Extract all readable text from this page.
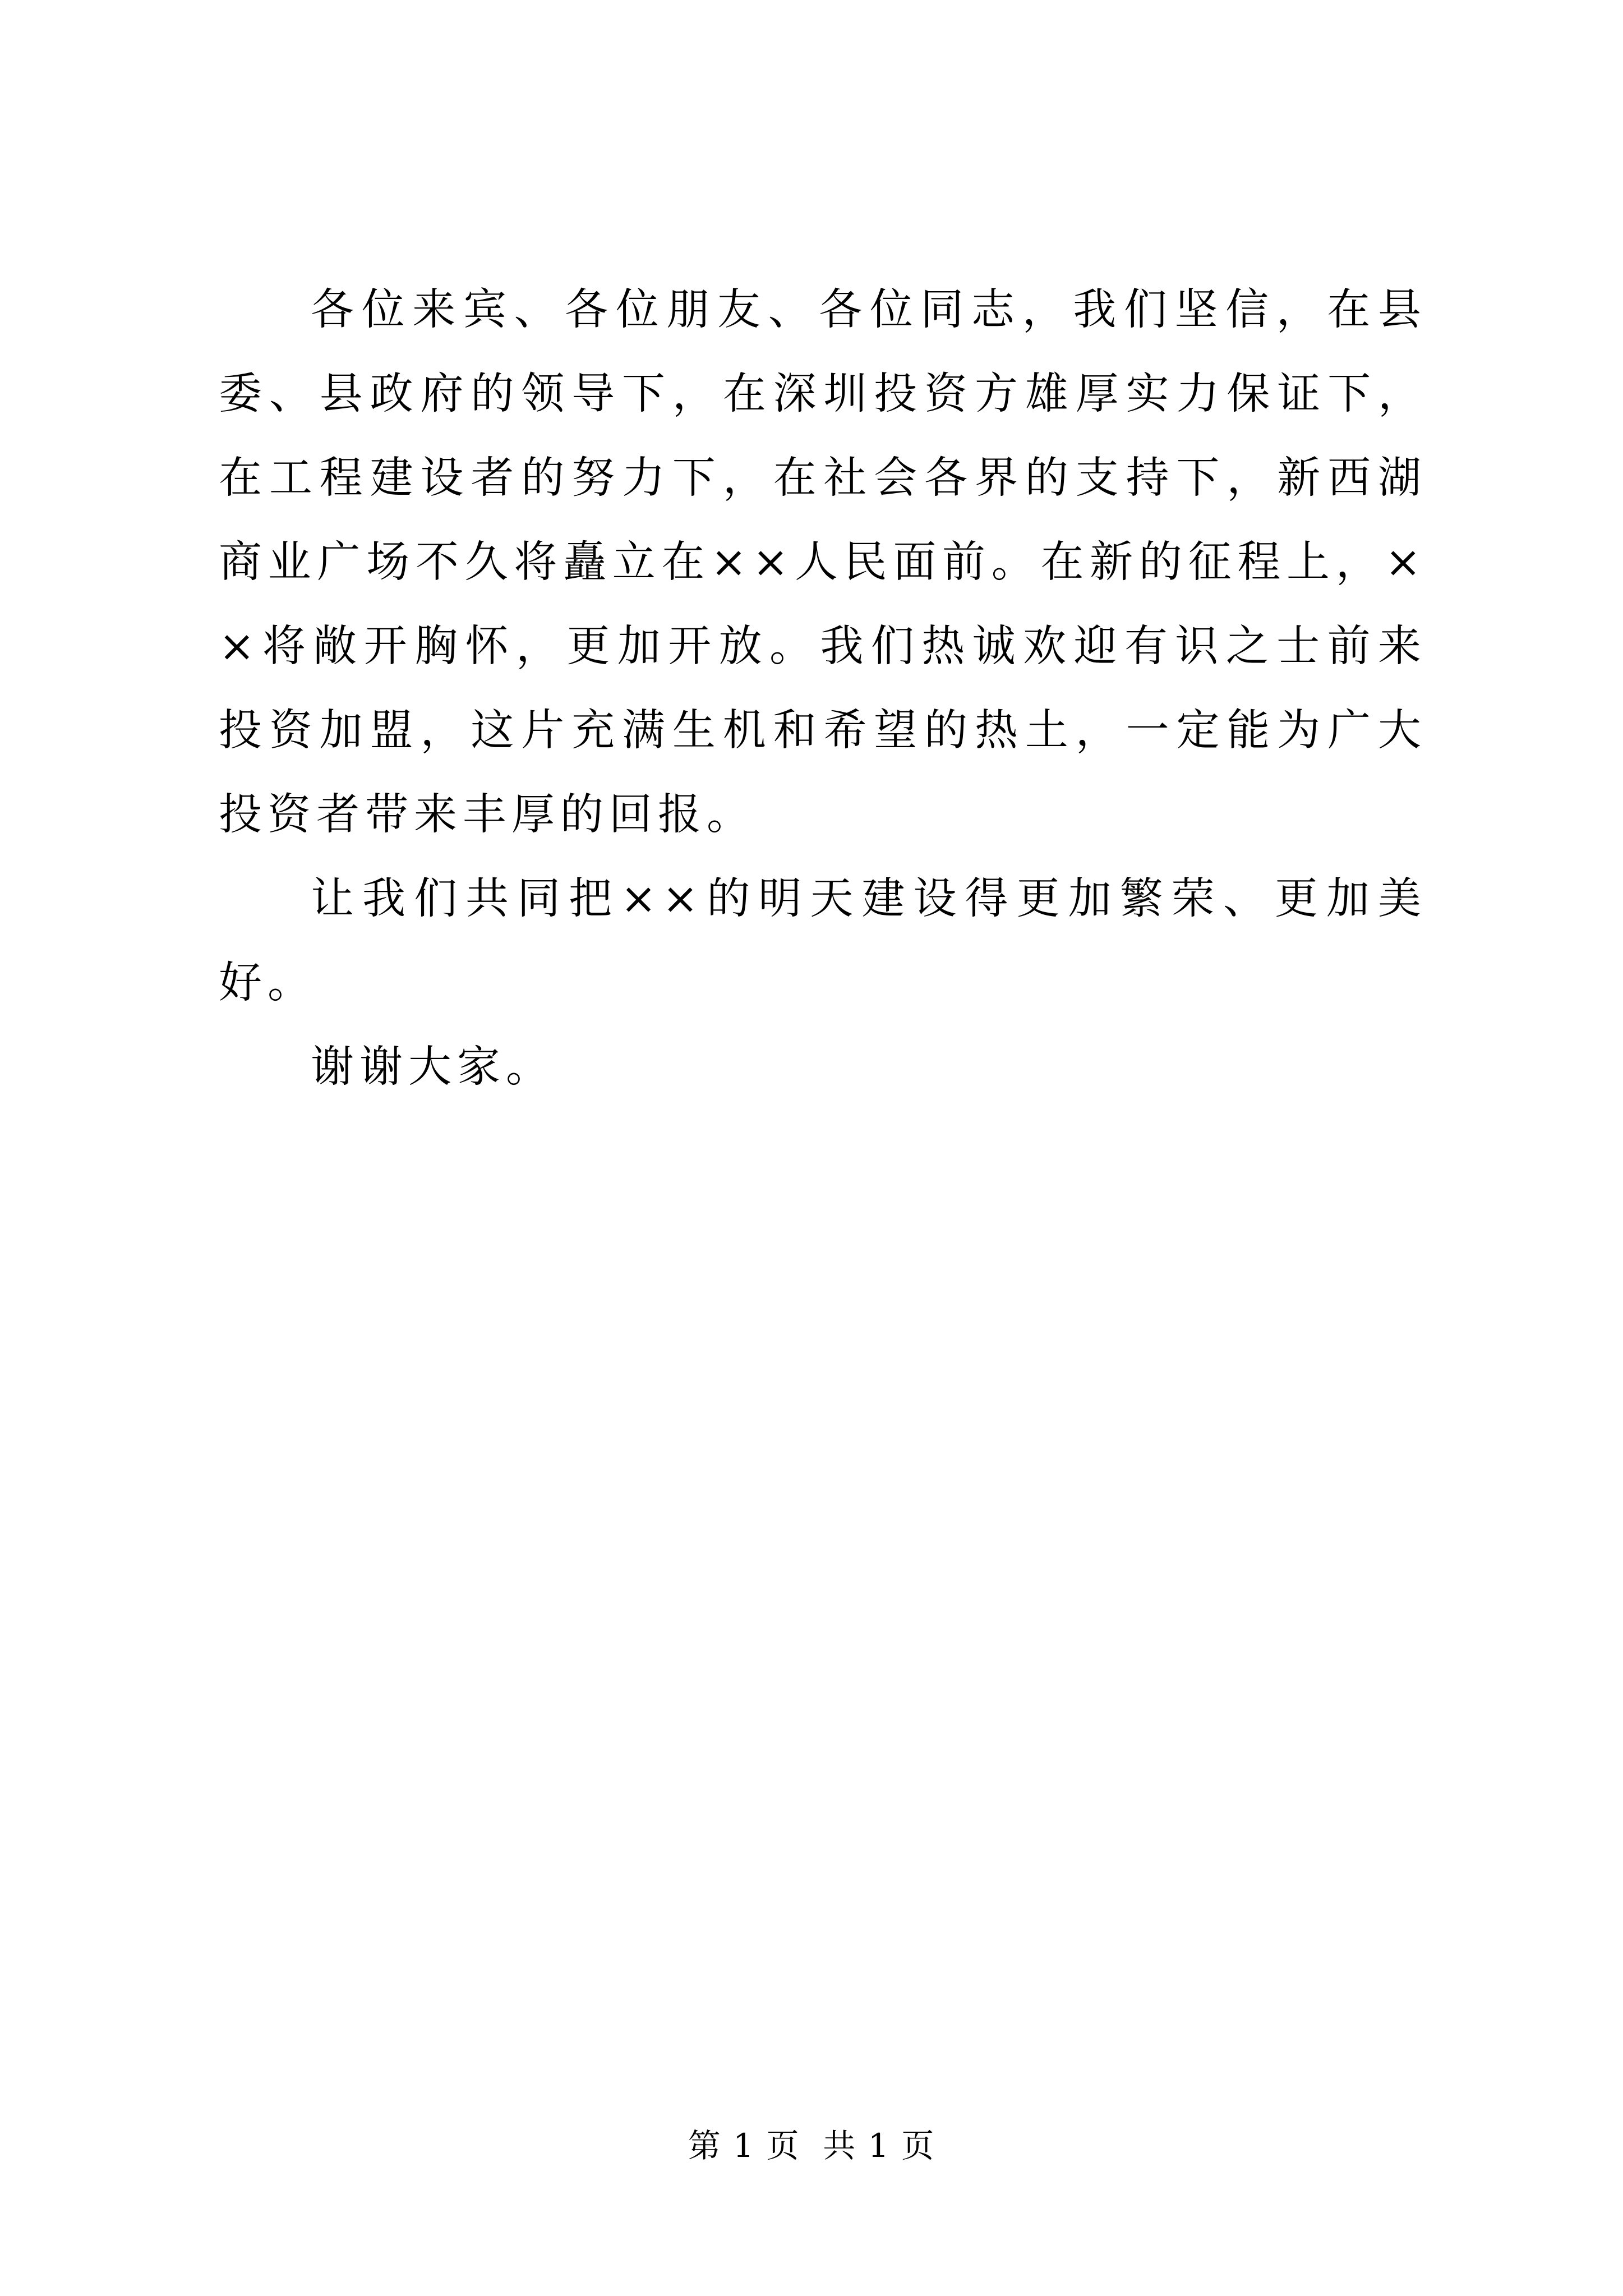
各位来宾、各位朋友、各位同志，我们坚信，在县委、县政府的领导下，在深圳投资方雄厚实力保证下，在工程建设者的努力下，在社会各界的支持下，新西湖商业广场不久将矗立在××人民面前。在新的征程上，××将敞开胸怀，更加开放。我们热诚欢迎有识之士前来投资加盟，这片充满生机和希望的热土，一定能为广大投资者带来丰厚的回报。

让我们共同把××的明天建设得更加繁荣、更加美好。

谢谢大家。

第 1 页  共 1 页
